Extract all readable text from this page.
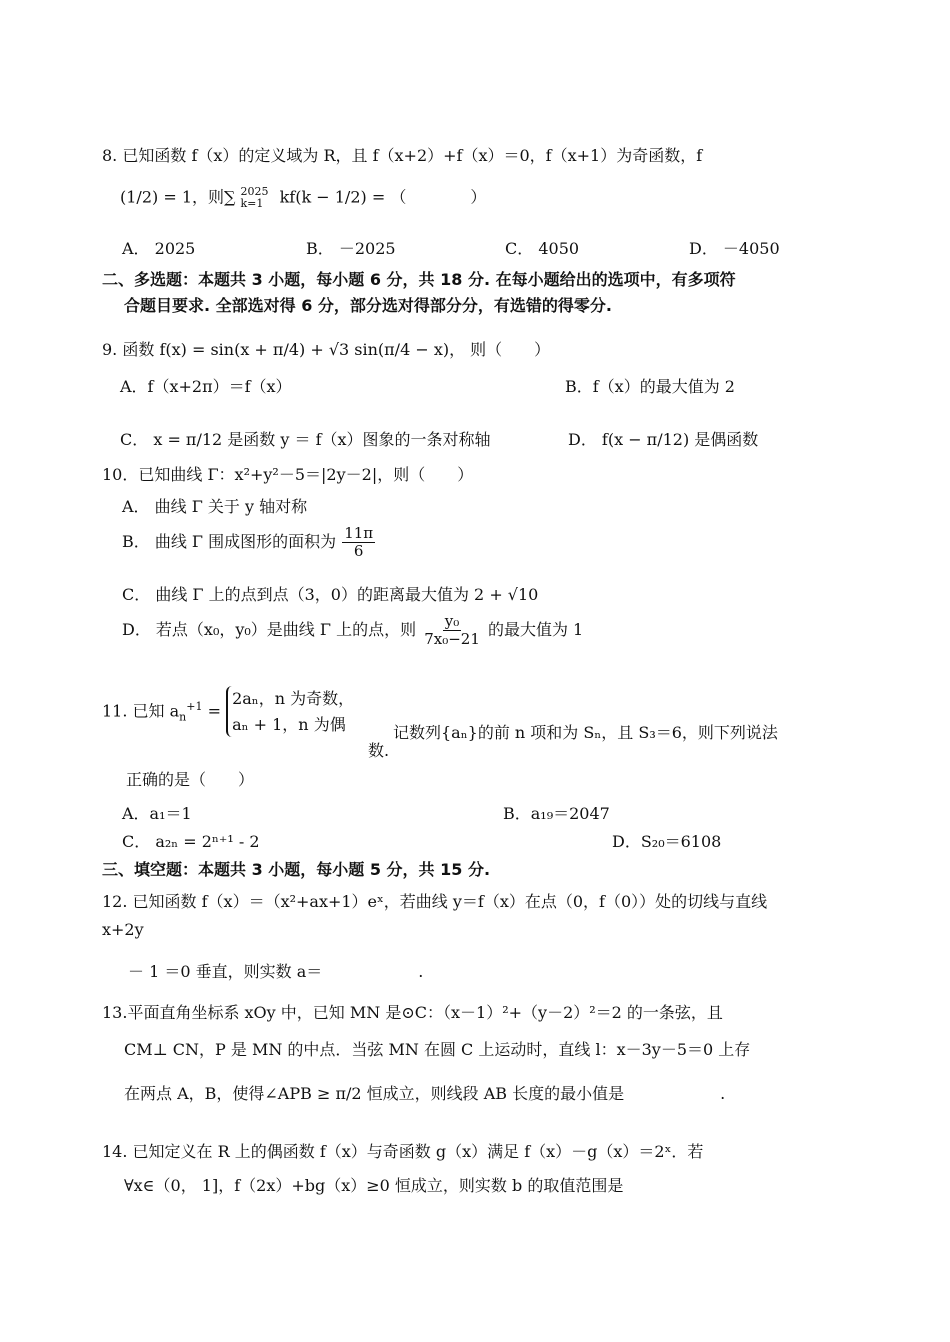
8. 已知函数 f（x）的定义域为 R，且 f（x+2）+f（x）＝0，f（x+1）为奇函数，f
(1/2) = 1，则∑ 2025
k=1	kf(k − 1/2) = （　　　　）
A． 2025	B． －2025	C． 4050	D． －4050
二、多选题：本题共 3 小题，每小题 6 分，共 18 分. 在每小题给出的选项中，有多项符
合题目要求. 全部选对得 6 分，部分选对得部分分，有选错的得零分.
9. 函数 f(x) = sin(x + π/4) + √3 sin(π/4 − x)， 则（　　）
A．f（x+2π）＝f（x）	B．f（x）的最大值为 2
C． x = π/12 是函数 y ＝ f（x）图象的一条对称轴	D． f(x − π/12) 是偶函数
10．已知曲线 Γ：x²+y²－5＝|2y－2|，则（　　）
A． 曲线 Γ 关于 y 轴对称
B． 曲线 Γ 围成图形的面积为 $\frac{11\pi}{6}$
C． 曲线 Γ 上的点到点（3，0）的距离最大值为 2 + √10
D． 若点（x₀，y₀）是曲线 Γ 上的点，则 $\frac{\text{y₀}}{\text{7x₀−21}}$ 的最大值为 1
11. 已知 $a_n^{+1}$ =
2aₙ，n 为奇数，
aₙ + 1，n 为偶
数.
记数列{aₙ}的前 n 项和为 Sₙ，且 S₃＝6，则下列说法
正确的是（　　）
A．a₁＝1	B．a₁₉＝2047
C． a₂ₙ = 2ⁿ⁺¹ - 2	D．S₂₀＝6108
三、填空题：本题共 3 小题，每小题 5 分，共 15 分.
12. 已知函数 f（x）＝（x²+ax+1）eˣ，若曲线 y＝f（x）在点（0，f（0））处的切线与直线
x+2y
－ 1 ＝0 垂直，则实数 a＝　　　　　　.
13.平面直角坐标系 xOy 中，已知 MN 是⊙C：（x－1）²+（y－2）²＝2 的一条弦，且
CM⊥ CN，P 是 MN 的中点．当弦 MN 在圆 C 上运动时，直线 l：x－3y－5＝0 上存
在两点 A，B，使得∠APB ≥ π/2 恒成立，则线段 AB 长度的最小值是　　　　　　.
14. 已知定义在 R 上的偶函数 f（x）与奇函数 g（x）满足 f（x）－g（x）＝2ˣ．若
∀x∈（0， 1]，f（2x）+bg（x）≥0 恒成立，则实数 b 的取值范围是
